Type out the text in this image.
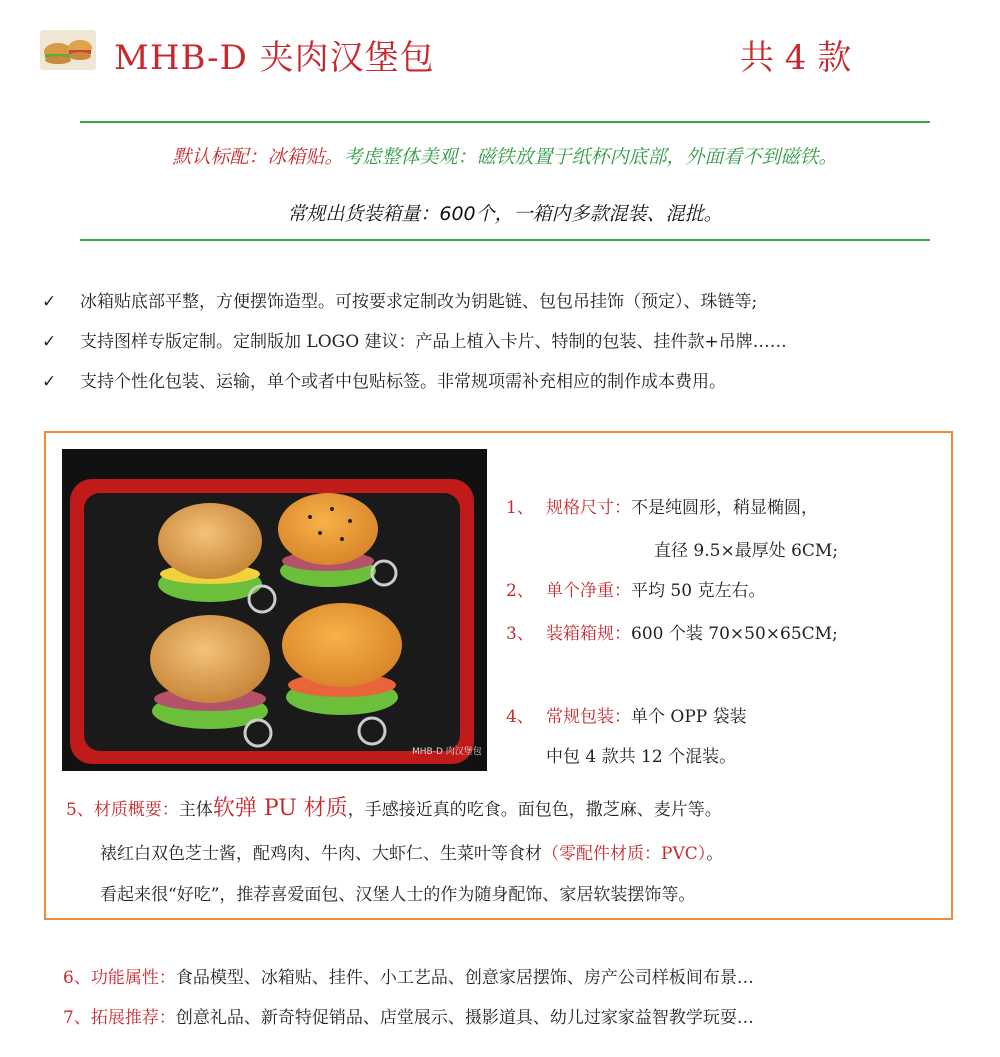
MHB-D 夹肉汉堡包	共 4 款
默认标配：冰箱贴。考虑整体美观：磁铁放置于纸杯内底部，外面看不到磁铁。
常规出货装箱量：600个，一箱内多款混装、混批。
✓ 冰箱贴底部平整，方便摆饰造型。可按要求定制改为钥匙链、包包吊挂饰（预定）、珠链等;
✓ 支持图样专版定制。定制版加 LOGO 建议：产品上植入卡片、特制的包装、挂件款+吊牌……
✓ 支持个性化包装、运输，单个或者中包贴标签。非常规项需补充相应的制作成本费用。
MHB-D 肉汉堡包
1、 规格尺寸：不是纯圆形，稍显椭圆，
直径 9.5×最厚处 6CM;
2、 单个净重：平均 50 克左右。
3、 装箱箱规：600 个装 70×50×65CM;
4、 常规包装：单个 OPP 袋装
中包 4 款共 12 个混装。
5、材质概要：主体软弹 PU 材质，手感接近真的吃食。面包色，撒芝麻、麦片等。
裱红白双色芝士酱，配鸡肉、牛肉、大虾仁、生菜叶等食材（零配件材质：PVC）。
看起来很“好吃”，推荐喜爱面包、汉堡人士的作为随身配饰、家居软装摆饰等。
6、功能属性：食品模型、冰箱贴、挂件、小工艺品、创意家居摆饰、房产公司样板间布景…
7、拓展推荐：创意礼品、新奇特促销品、店堂展示、摄影道具、幼儿过家家益智教学玩耍…
